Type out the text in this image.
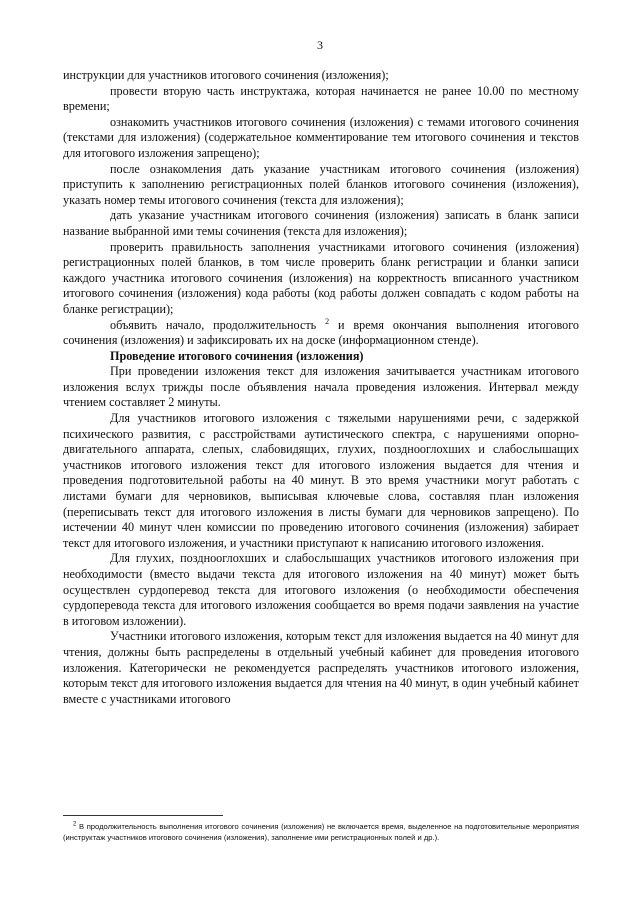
3

инструкции для участников итогового сочинения (изложения);

провести вторую часть инструктажа, которая начинается не ранее 10.00 по местному времени;

ознакомить участников итогового сочинения (изложения) с темами итогового сочинения (текстами для изложения) (содержательное комментирование тем итогового сочинения и текстов для итогового изложения запрещено);

после ознакомления дать указание участникам итогового сочинения (изложения) приступить к заполнению регистрационных полей бланков итогового сочинения (изложения), указать номер темы итогового сочинения (текста для изложения);

дать указание участникам итогового сочинения (изложения) записать в бланк записи название выбранной ими темы сочинения (текста для изложения);

проверить правильность заполнения участниками итогового сочинения (изложения) регистрационных полей бланков, в том числе проверить бланк регистрации и бланки записи каждого участника итогового сочинения (изложения) на корректность вписанного участником итогового сочинения (изложения) кода работы (код работы должен совпадать с кодом работы на бланке регистрации);

объявить начало, продолжительность $^2$ и время окончания выполнения итогового сочинения (изложения) и зафиксировать их на доске (информационном стенде).

Проведение итогового сочинения (изложения)

При проведении изложения текст для изложения зачитывается участникам итогового изложения вслух трижды после объявления начала проведения изложения. Интервал между чтением составляет 2 минуты.

Для участников итогового изложения с тяжелыми нарушениями речи, с задержкой психического развития, с расстройствами аутистического спектра, с нарушениями опорно-двигательного аппарата, слепых, слабовидящих, глухих, позднооглохших и слабослышащих участников итогового изложения текст для итогового изложения выдается для чтения и проведения подготовительной работы на 40 минут. В это время участники могут работать с листами бумаги для черновиков, выписывая ключевые слова, составляя план изложения (переписывать текст для итогового изложения в листы бумаги для черновиков запрещено). По истечении 40 минут член комиссии по проведению итогового сочинения (изложения) забирает текст для итогового изложения, и участники приступают к написанию итогового изложения.

Для глухих, позднооглохших и слабослышащих участников итогового изложения при необходимости (вместо выдачи текста для итогового изложения на 40 минут) может быть осуществлен сурдоперевод текста для итогового изложения (о необходимости обеспечения сурдоперевода текста для итогового изложения сообщается во время подачи заявления на участие в итоговом изложении).

Участники итогового изложения, которым текст для изложения выдается на 40 минут для чтения, должны быть распределены в отдельный учебный кабинет для проведения итогового изложения. Категорически не рекомендуется распределять участников итогового изложения, которым текст для итогового изложения выдается для чтения на 40 минут, в один учебный кабинет вместе с участниками итогового

$^2$ В продолжительность выполнения итогового сочинения (изложения) не включается время, выделенное на подготовительные мероприятия (инструктаж участников итогового сочинения (изложения), заполнение ими регистрационных полей и др.).
